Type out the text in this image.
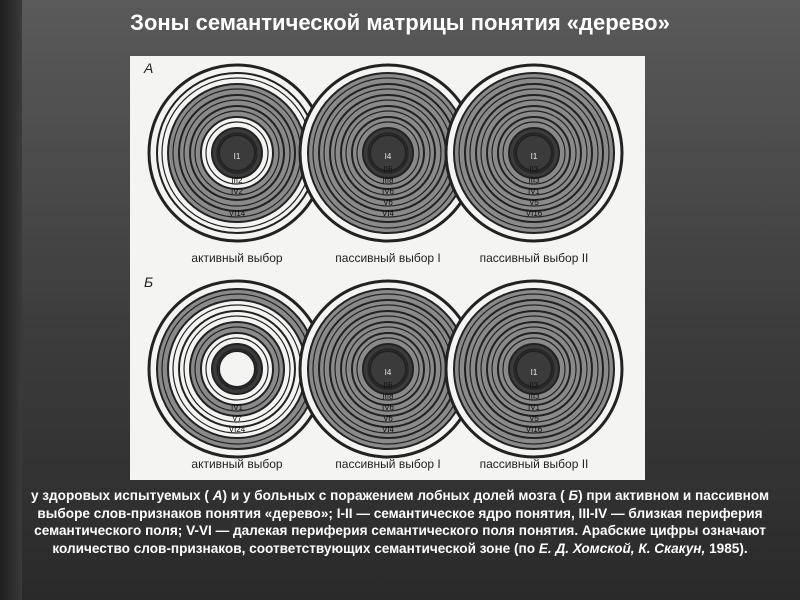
Зоны семантической матрицы понятия «дерево»
А
I1
III2
IV2
VI14
активный выбор
I4
II6
III8
IV6
V6
VI4
пассивный выбор I
I1
II3
III3
IV1
V5
VI16
пассивный выбор II
Б
IV1
V7
VI24
активный выбор
I4
II6
III8
IV6
V6
VI4
пассивный выбор I
I1
II3
III3
IV1
V5
VI16
пассивный выбор II
у здоровых испытуемых ( А) и у больных с поражением лобных долей мозга ( Б) при активном и пассивном выборе слов-признаков понятия «дерево»; I-II — семантическое ядро понятия, III-IV — близкая периферия семантического поля; V-VI — далекая периферия семантического поля понятия. Арабские цифры означают количество слов-признаков, соответствующих семантической зоне (по Е. Д. Хомской, К. Скакун, 1985).
